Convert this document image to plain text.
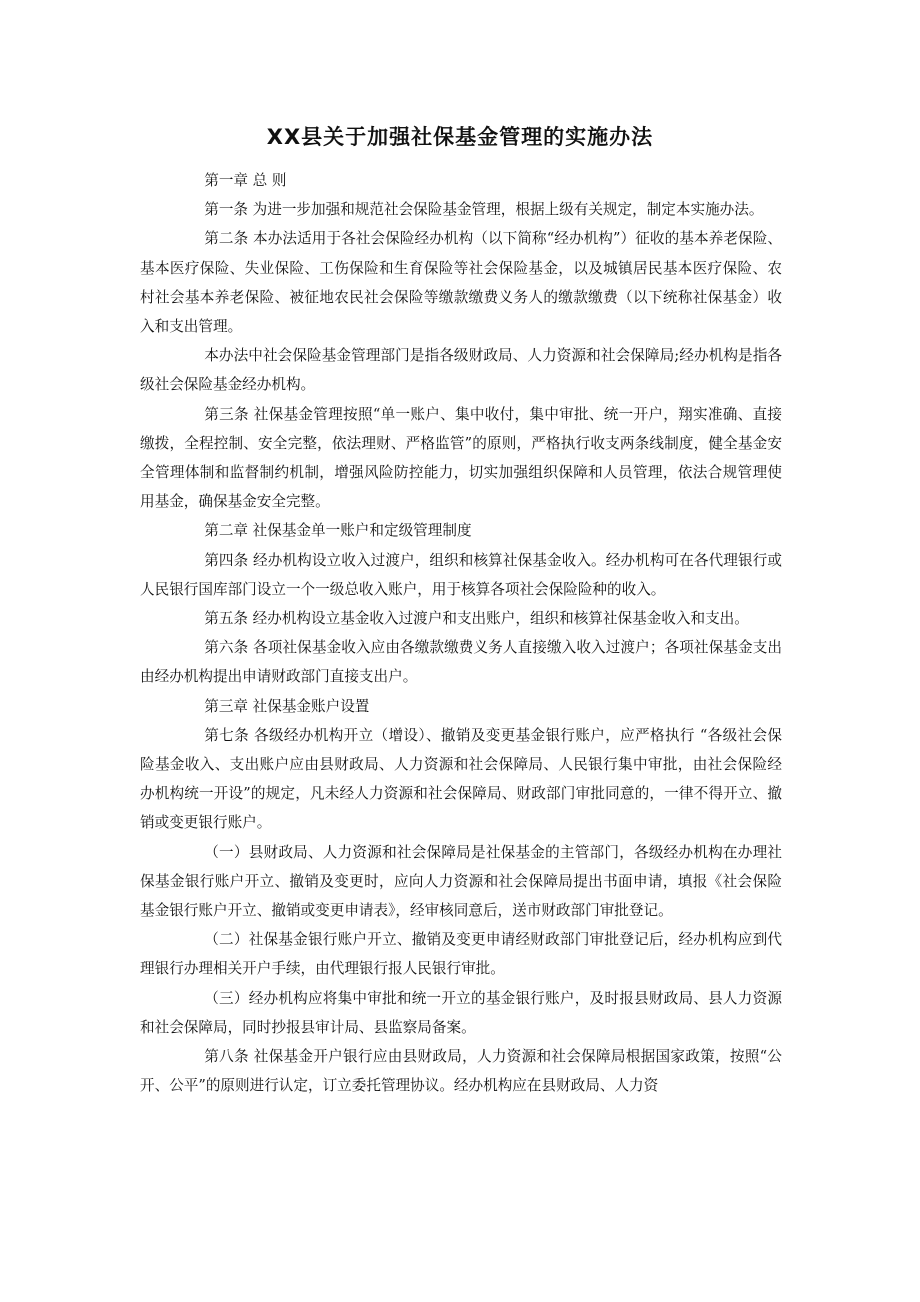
XX县关于加强社保基金管理的实施办法

第一章 总 则

第一条 为进一步加强和规范社会保险基金管理，根据上级有关规定，制定本实施办法。

第二条 本办法适用于各社会保险经办机构（以下简称“经办机构”）征收的基本养老保险、基本医疗保险、失业保险、工伤保险和生育保险等社会保险基金，以及城镇居民基本医疗保险、农村社会基本养老保险、被征地农民社会保险等缴款缴费义务人的缴款缴费（以下统称社保基金）收入和支出管理。

本办法中社会保险基金管理部门是指各级财政局、人力资源和社会保障局;经办机构是指各级社会保险基金经办机构。

第三条 社保基金管理按照“单一账户、集中收付，集中审批、统一开户，翔实准确、直接缴拨，全程控制、安全完整，依法理财、严格监管”的原则，严格执行收支两条线制度，健全基金安全管理体制和监督制约机制，增强风险防控能力，切实加强组织保障和人员管理，依法合规管理使用基金，确保基金安全完整。

第二章 社保基金单一账户和定级管理制度

第四条 经办机构设立收入过渡户，组织和核算社保基金收入。经办机构可在各代理银行或人民银行国库部门设立一个一级总收入账户，用于核算各项社会保险险种的收入。

第五条 经办机构设立基金收入过渡户和支出账户，组织和核算社保基金收入和支出。

第六条 各项社保基金收入应由各缴款缴费义务人直接缴入收入过渡户；各项社保基金支出由经办机构提出申请财政部门直接支出户。

第三章 社保基金账户设置

第七条 各级经办机构开立（增设）、撤销及变更基金银行账户，应严格执行 “各级社会保险基金收入、支出账户应由县财政局、人力资源和社会保障局、人民银行集中审批，由社会保险经办机构统一开设”的规定，凡未经人力资源和社会保障局、财政部门审批同意的，一律不得开立、撤销或变更银行账户。

（一）县财政局、人力资源和社会保障局是社保基金的主管部门，各级经办机构在办理社保基金银行账户开立、撤销及变更时，应向人力资源和社会保障局提出书面申请，填报《社会保险基金银行账户开立、撤销或变更申请表》，经审核同意后，送市财政部门审批登记。

（二）社保基金银行账户开立、撤销及变更申请经财政部门审批登记后，经办机构应到代理银行办理相关开户手续，由代理银行报人民银行审批。

（三）经办机构应将集中审批和统一开立的基金银行账户，及时报县财政局、县人力资源和社会保障局，同时抄报县审计局、县监察局备案。

第八条 社保基金开户银行应由县财政局，人力资源和社会保障局根据国家政策，按照“公开、公平”的原则进行认定，订立委托管理协议。经办机构应在县财政局、人力资
